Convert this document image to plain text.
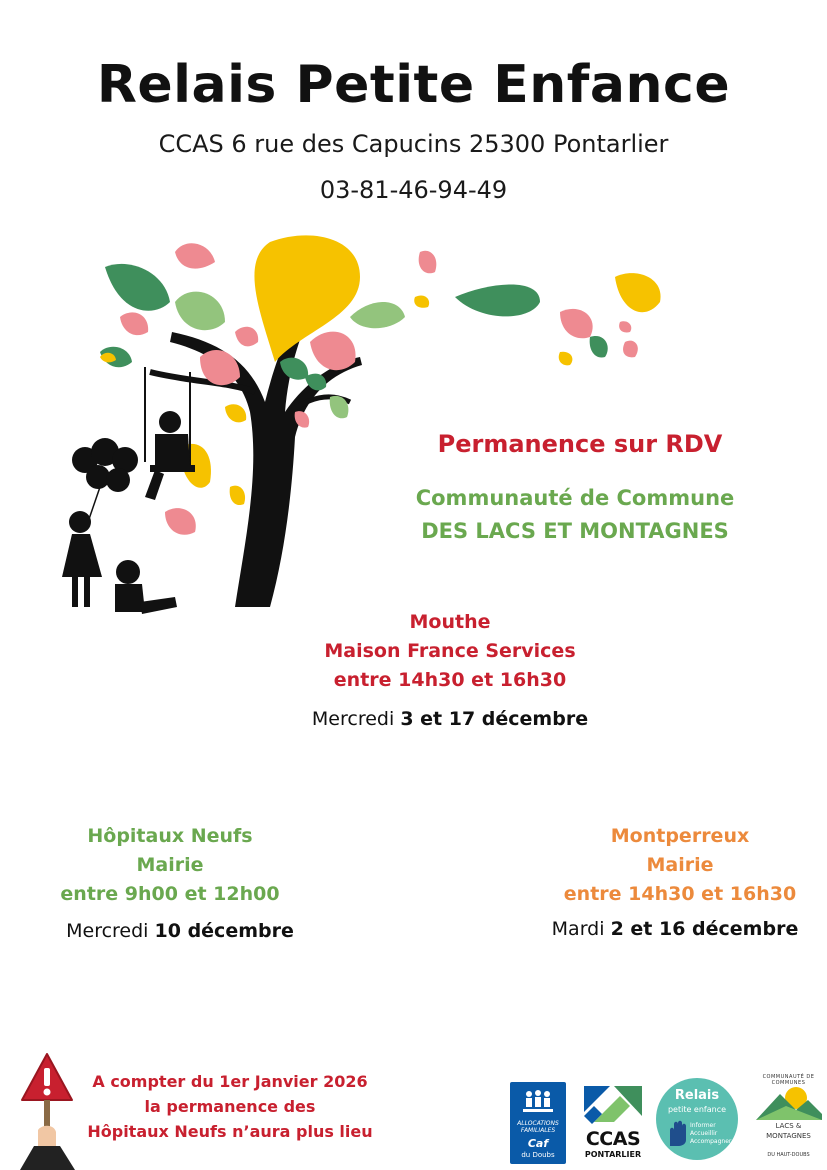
Relais Petite Enfance
CCAS 6 rue des Capucins 25300 Pontarlier
03-81-46-94-49
Permanence sur RDV
Communauté de Commune
DES LACS ET MONTAGNES
Mouthe
Maison France Services
entre 14h30 et 16h30
Mercredi 3 et 17 décembre
Hôpitaux Neufs
Mairie
entre 9h00 et 12h00
Mercredi 10 décembre
Montperreux
Mairie
entre 14h30 et 16h30
Mardi 2 et 16 décembre
A compter du 1er Janvier 2026
la permanence des
Hôpitaux Neufs n’aura plus lieu	ALLOCATIONS
FAMILIALES
Caf
du Doubs
CCAS
PONTARLIER
Relais
petite enfance
Informer
Accueillir
Accompagner
COMMUNAUTÉ DE COMMUNES
LACS &
MONTAGNES
DU HAUT-DOUBS
